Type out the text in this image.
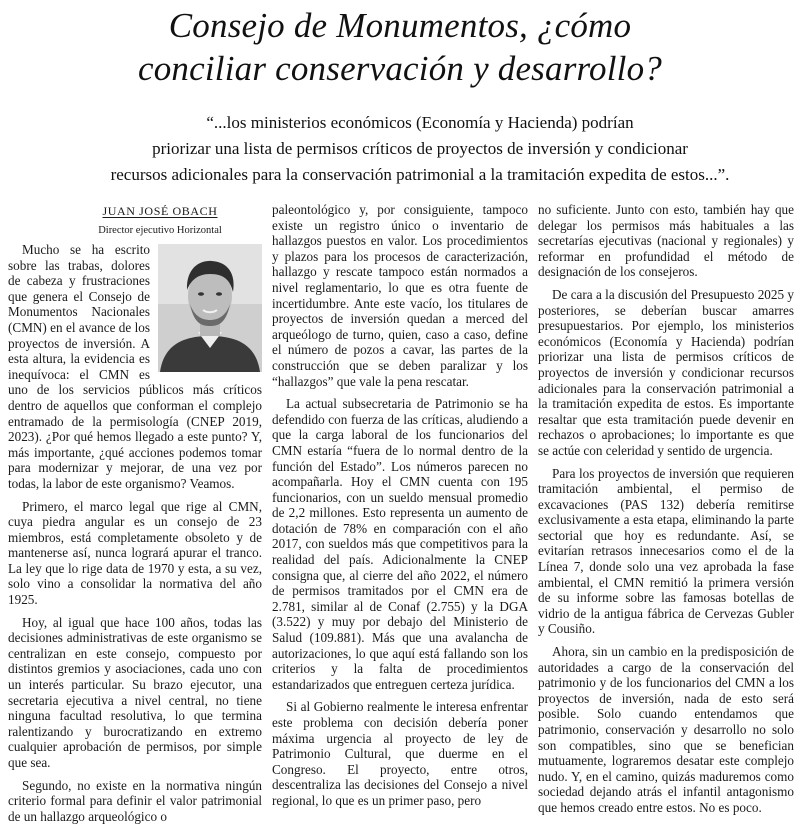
Consejo de Monumentos, ¿cómo
conciliar conservación y desarrollo?
“...los ministerios económicos (Economía y Hacienda) podrían
priorizar una lista de permisos críticos de proyectos de inversión y condicionar
recursos adicionales para la conservación patrimonial a la tramitación expedita de estos...”.
JUAN JOSÉ OBACH
Director ejecutivo Horizontal

Mucho se ha escrito sobre las trabas, dolores de cabeza y frustraciones que genera el Consejo de Monumentos Nacionales (CMN) en el avance de los proyectos de inversión. A esta altura, la evidencia es inequívoca: el CMN es uno de los servicios públicos más críticos dentro de aquellos que conforman el complejo entramado de la permisología (CNEP 2019, 2023). ¿Por qué hemos llegado a este punto? Y, más importante, ¿qué acciones podemos tomar para modernizar y mejorar, de una vez por todas, la labor de este organismo? Veamos.

Primero, el marco legal que rige al CMN, cuya piedra angular es un consejo de 23 miembros, está completamente obsoleto y de mantenerse así, nunca logrará apurar el tranco. La ley que lo rige data de 1970 y esta, a su vez, solo vino a consolidar la normativa del año 1925.

Hoy, al igual que hace 100 años, todas las decisiones administrativas de este organismo se centralizan en este consejo, compuesto por distintos gremios y asociaciones, cada uno con un interés particular. Su brazo ejecutor, una secretaria ejecutiva a nivel central, no tiene ninguna facultad resolutiva, lo que termina ralentizando y burocratizando en extremo cualquier aprobación de permisos, por simple que sea.

Segundo, no existe en la normativa ningún criterio formal para definir el valor patrimonial de un hallazgo arqueológico o

paleontológico y, por consiguiente, tampoco existe un registro único o inventario de hallazgos puestos en valor. Los procedimientos y plazos para los procesos de caracterización, hallazgo y rescate tampoco están normados a nivel reglamentario, lo que es otra fuente de incertidumbre. Ante este vacío, los titulares de proyectos de inversión quedan a merced del arqueólogo de turno, quien, caso a caso, define el número de pozos a cavar, las partes de la construcción que se deben paralizar y los “hallazgos” que vale la pena rescatar.

La actual subsecretaria de Patrimonio se ha defendido con fuerza de las críticas, aludiendo a que la carga laboral de los funcionarios del CMN estaría “fuera de lo normal dentro de la función del Estado”. Los números parecen no acompañarla. Hoy el CMN cuenta con 195 funcionarios, con un sueldo mensual promedio de 2,2 millones. Esto representa un aumento de dotación de 78% en comparación con el año 2017, con sueldos más que competitivos para la realidad del país. Adicionalmente la CNEP consigna que, al cierre del año 2022, el número de permisos tramitados por el CMN era de 2.781, similar al de Conaf (2.755) y la DGA (3.522) y muy por debajo del Ministerio de Salud (109.881). Más que una avalancha de autorizaciones, lo que aquí está fallando son los criterios y la falta de procedimientos estandarizados que entreguen certeza jurídica.

Si al Gobierno realmente le interesa enfrentar este problema con decisión debería poner máxima urgencia al proyecto de ley de Patrimonio Cultural, que duerme en el Congreso. El proyecto, entre otros, descentraliza las decisiones del Consejo a nivel regional, lo que es un primer paso, pero

no suficiente. Junto con esto, también hay que delegar los permisos más habituales a las secretarías ejecutivas (nacional y regionales) y reformar en profundidad el método de designación de los consejeros.

De cara a la discusión del Presupuesto 2025 y posteriores, se deberían buscar amarres presupuestarios. Por ejemplo, los ministerios económicos (Economía y Hacienda) podrían priorizar una lista de permisos críticos de proyectos de inversión y condicionar recursos adicionales para la conservación patrimonial a la tramitación expedita de estos. Es importante resaltar que esta tramitación puede devenir en rechazos o aprobaciones; lo importante es que se actúe con celeridad y sentido de urgencia.

Para los proyectos de inversión que requieren tramitación ambiental, el permiso de excavaciones (PAS 132) debería remitirse exclusivamente a esta etapa, eliminando la parte sectorial que hoy es redundante. Así, se evitarían retrasos innecesarios como el de la Línea 7, donde solo una vez aprobada la fase ambiental, el CMN remitió la primera versión de su informe sobre las famosas botellas de vidrio de la antigua fábrica de Cervezas Gubler y Cousiño.

Ahora, sin un cambio en la predisposición de autoridades a cargo de la conservación del patrimonio y de los funcionarios del CMN a los proyectos de inversión, nada de esto será posible. Solo cuando entendamos que patrimonio, conservación y desarrollo no solo son compatibles, sino que se benefician mutuamente, lograremos desatar este complejo nudo. Y, en el camino, quizás maduremos como sociedad dejando atrás el infantil antagonismo que hemos creado entre estos. No es poco.
